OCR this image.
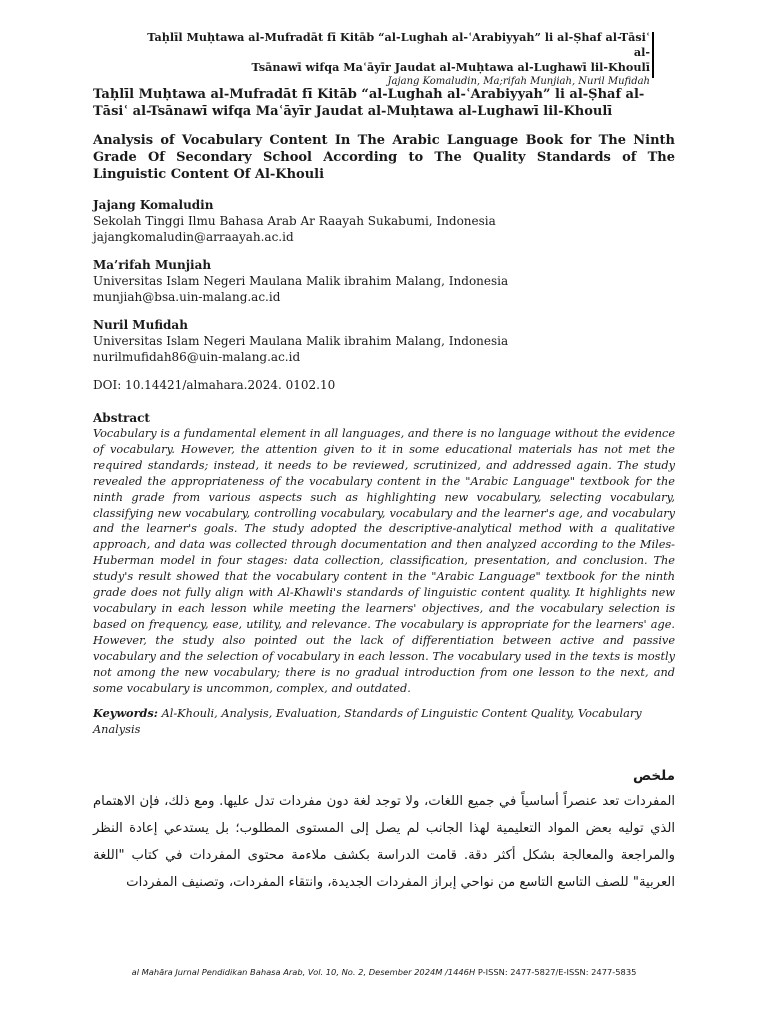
Taḥlīl Muḥtawa al-Mufradāt fī Kitāb “al-Lughah al-ʿArabiyyah” li al-Ṣhaf al-Tāsiʿ al-
Tsānawī wifqa Maʿāyīr Jaudat al-Muḥtawa al-Lughawī lil-Khoulī
Jajang Komaludin, Ma;rifah Munjiah, Nuril Mufidah
Taḥlīl Muḥtawa al-Mufradāt fī Kitāb “al-Lughah al-ʿArabiyyah” li al-Ṣhaf al-Tāsiʿ al-Tsānawī wifqa Maʿāyīr Jaudat al-Muḥtawa al-Lughawī lil-Khoulī
Analysis of Vocabulary Content In The Arabic Language Book for The Ninth Grade Of Secondary School According to The Quality Standards of The Linguistic Content Of Al-Khouli
Jajang Komaludin
Sekolah Tinggi Ilmu Bahasa Arab Ar Raayah Sukabumi, Indonesia
jajangkomaludin@arraayah.ac.id
Ma’rifah Munjiah
Universitas Islam Negeri Maulana Malik ibrahim Malang, Indonesia
munjiah@bsa.uin-malang.ac.id
Nuril Mufidah
Universitas Islam Negeri Maulana Malik ibrahim Malang, Indonesia
nurilmufidah86@uin-malang.ac.id
DOI: 10.14421/almahara.2024. 0102.10
Abstract

Vocabulary is a fundamental element in all languages, and there is no language without the evidence of vocabulary. However, the attention given to it in some educational materials has not met the required standards; instead, it needs to be reviewed, scrutinized, and addressed again. The study revealed the appropriateness of the vocabulary content in the "Arabic Language" textbook for the ninth grade from various aspects such as highlighting new vocabulary, selecting vocabulary, classifying new vocabulary, controlling vocabulary, vocabulary and the learner's age, and vocabulary and the learner's goals. The study adopted the descriptive-analytical method with a qualitative approach, and data was collected through documentation and then analyzed according to the Miles-Huberman model in four stages: data collection, classification, presentation, and conclusion. The study's result showed that the vocabulary content in the "Arabic Language" textbook for the ninth grade does not fully align with Al-Khawli's standards of linguistic content quality. It highlights new vocabulary in each lesson while meeting the learners' objectives, and the vocabulary selection is based on frequency, ease, utility, and relevance. The vocabulary is appropriate for the learners' age. However, the study also pointed out the lack of differentiation between active and passive vocabulary and the selection of vocabulary in each lesson. The vocabulary used in the texts is mostly not among the new vocabulary; there is no gradual introduction from one lesson to the next, and some vocabulary is uncommon, complex, and outdated.

Keywords: Al-Khouli, Analysis, Evaluation, Standards of Linguistic Content Quality, Vocabulary Analysis

ملخص
المفردات تعد عنصراً أساسياً في جميع اللغات، ولا توجد لغة دون مفردات تدل عليها. ومع ذلك، فإن الاهتمام الذي توليه بعض المواد التعليمية لهذا الجانب لم يصل إلى المستوى المطلوب؛ بل يستدعي إعادة النظر والمراجعة والمعالجة بشكل أكثر دقة. قامت الدراسة بكشف ملاءمة محتوى المفردات في كتاب "اللغة العربية" للصف التاسع التاسع من نواحي إبراز المفردات الجديدة، وانتقاء المفردات، وتصنيف المفردات
al Mahāra Jurnal Pendidikan Bahasa Arab, Vol. 10, No. 2, Desember 2024M /1446H P-ISSN: 2477-5827/E-ISSN: 2477-5835
